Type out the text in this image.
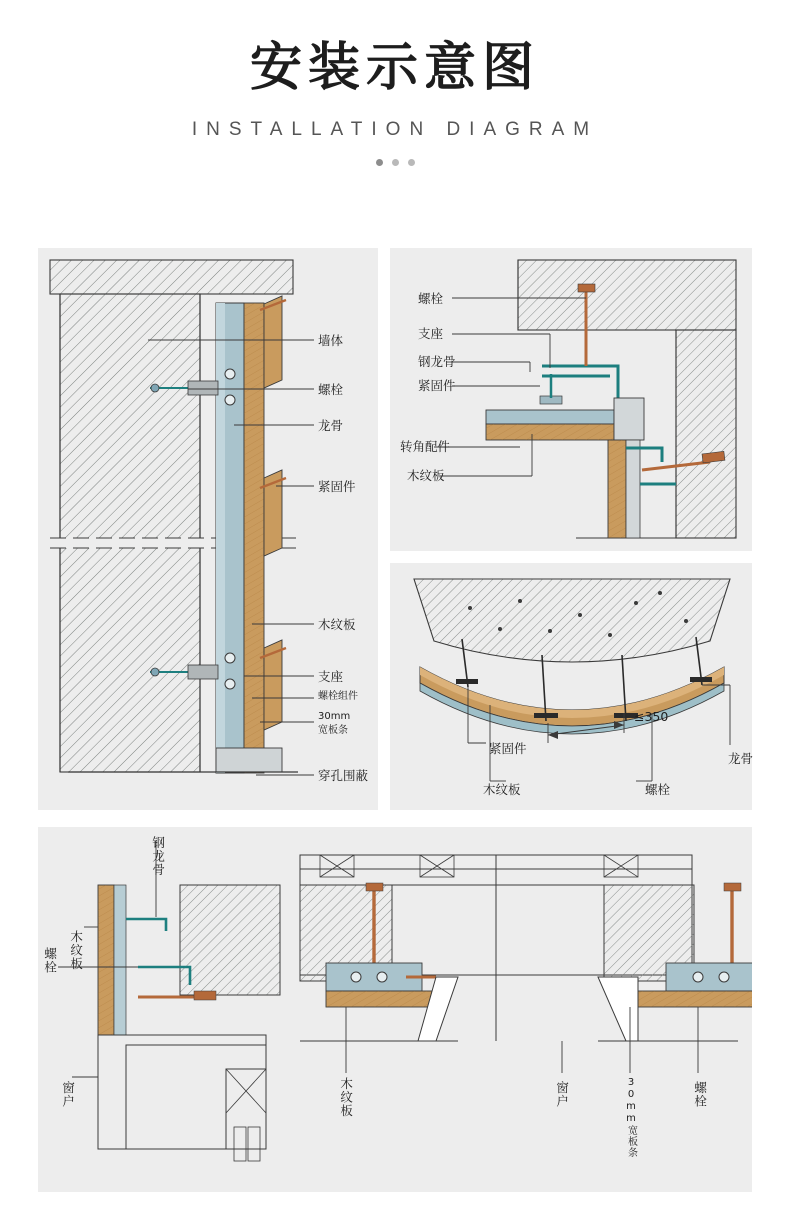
安装示意图
INSTALLATION DIAGRAM
墙体
螺栓
龙骨
紧固件
木纹板
支座
螺栓组件
30mm
宽板条
穿孔围蔽
螺栓
支座
钢龙骨
紧固件
转角配件
木纹板
≤350
紧固件
木纹板	螺栓
龙骨
钢龙骨
木纹板
螺栓
窗户	木纹板	窗户	30mm宽板条	螺栓
